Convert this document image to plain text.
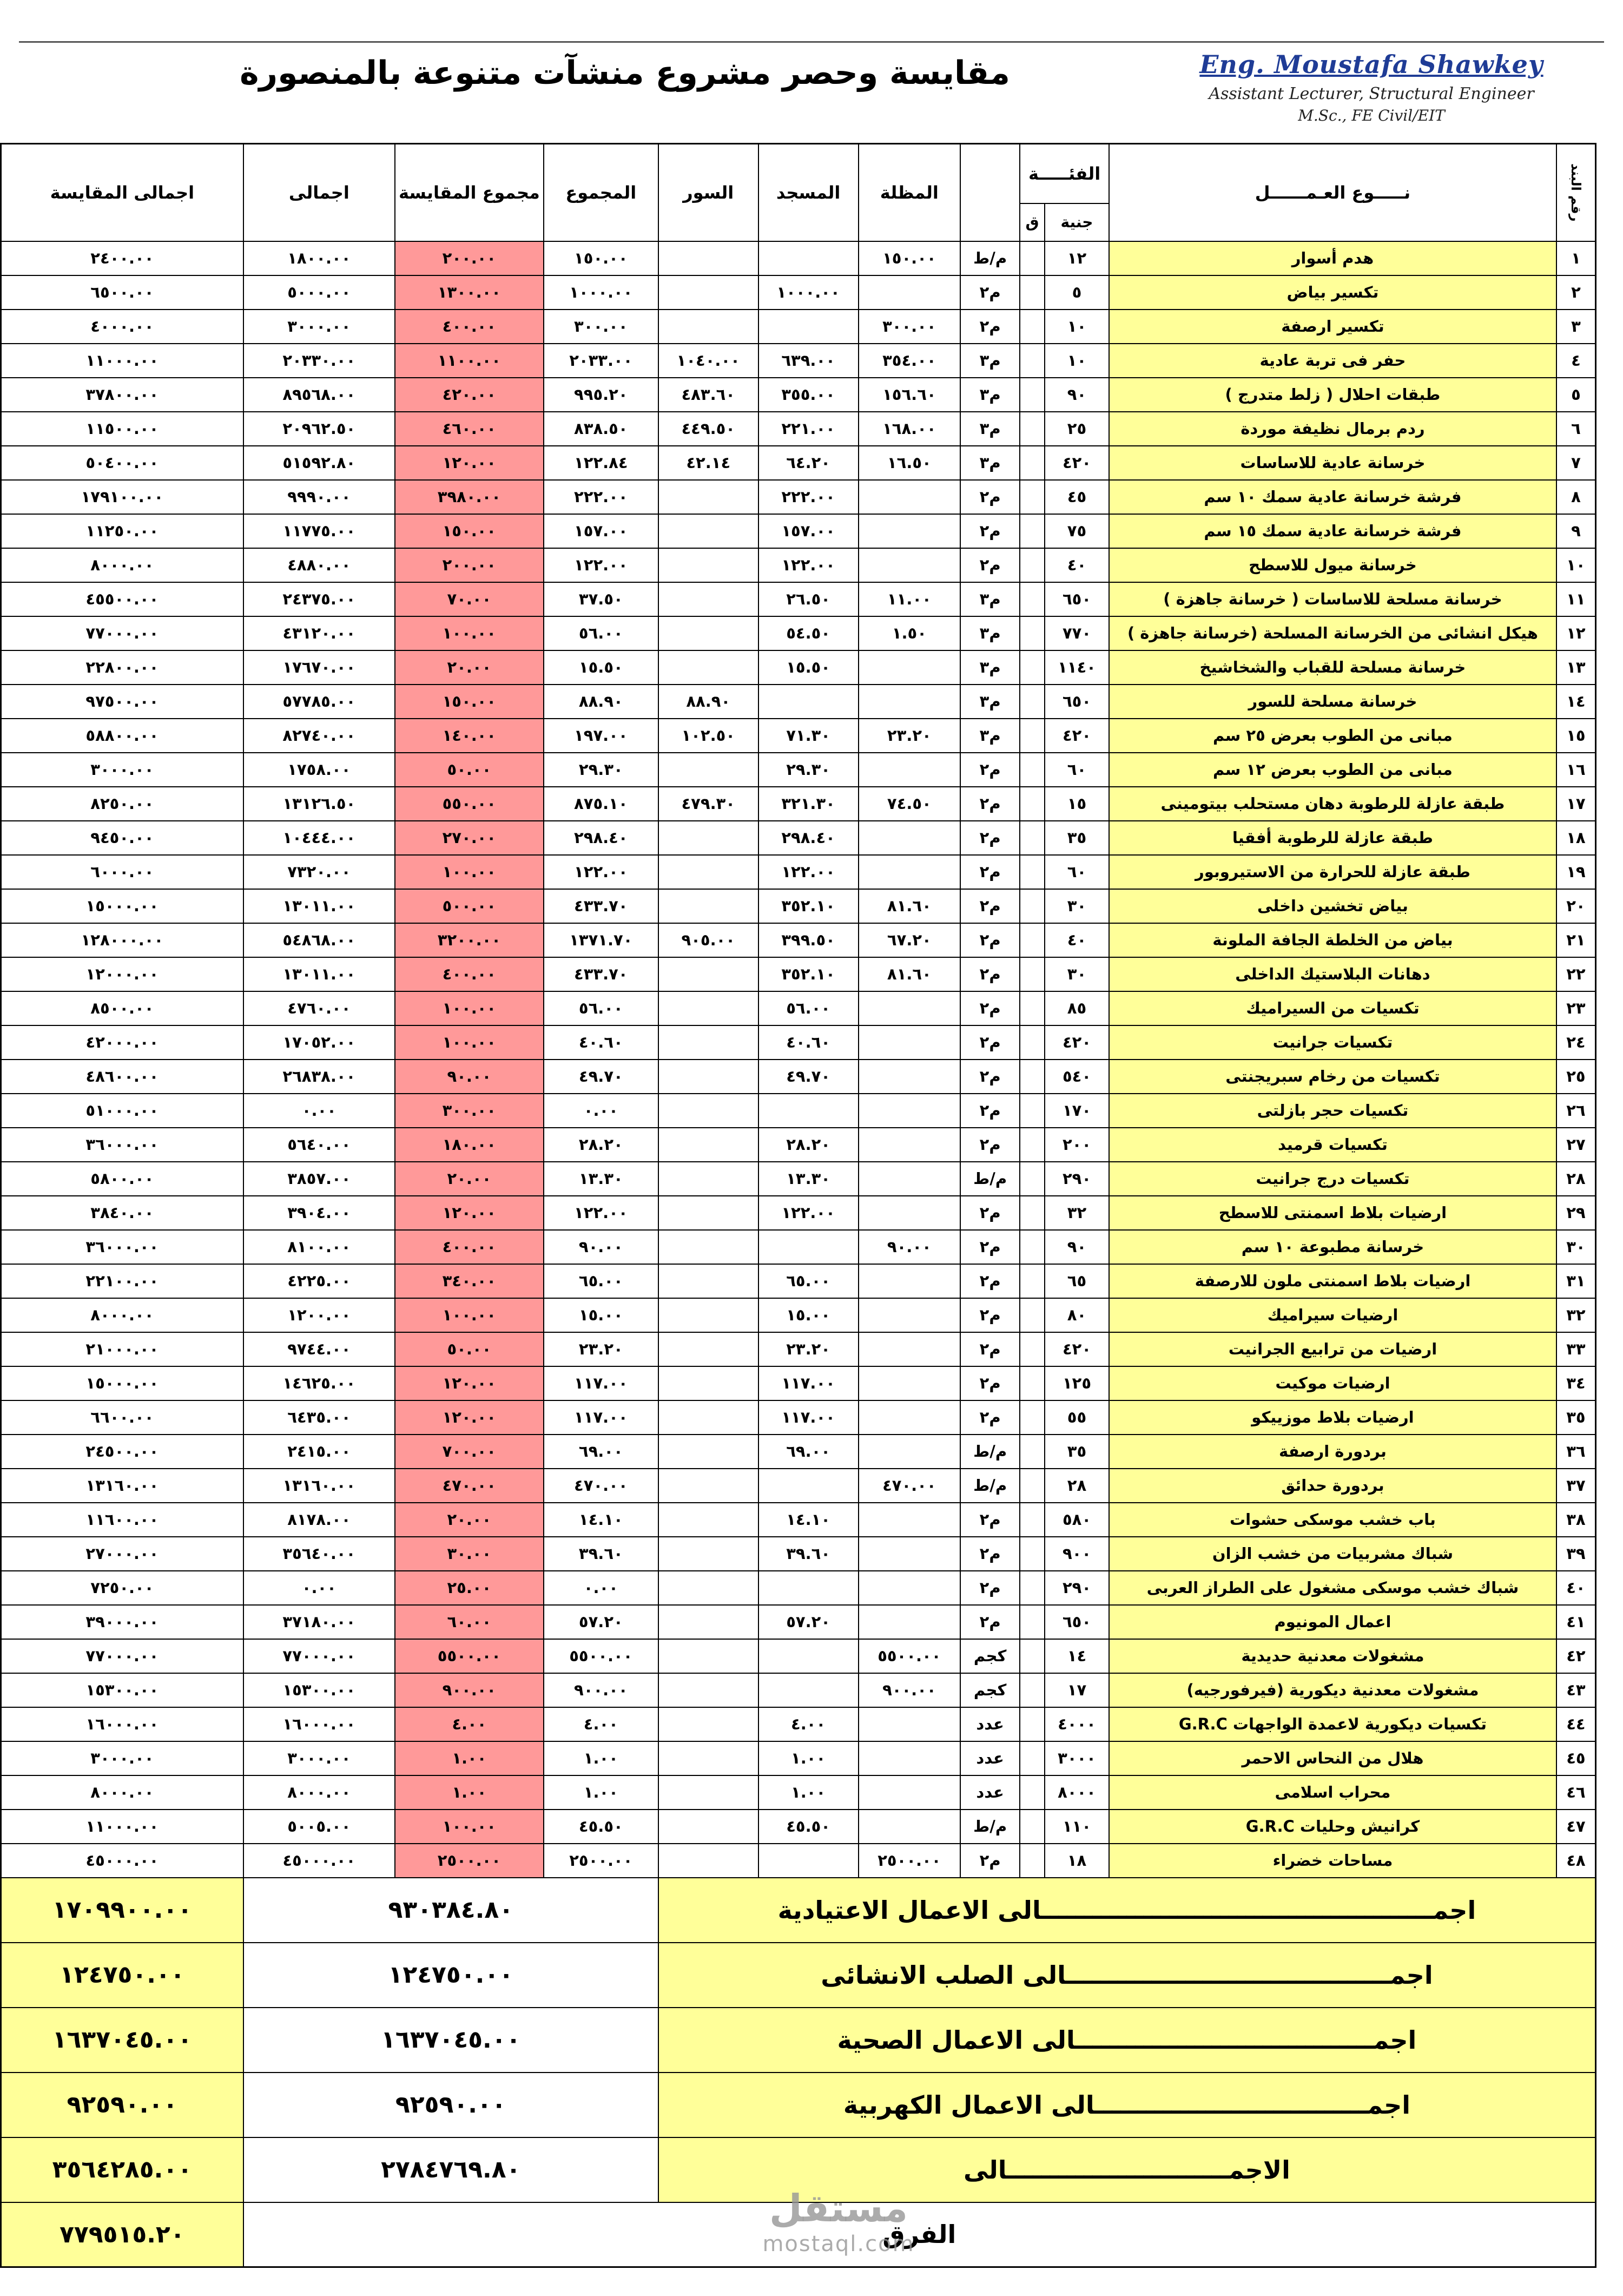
Eng. Moustafa Shawkey
Assistant Lecturer, Structural Engineer
M.Sc., FE Civil/EIT
مقايسة وحصر مشروع منشآت متنوعة بالمنصورة
رقم البند	نـــــوع العـمــــــل	الفئـــــة			المظلة	المسجد	السور	المجموع	مجموع المقايسة	اجمالى	اجمالى المقايسة
		جنية	ق								
١	هدم أسوار	١٢		م/ط	١٥٠.٠٠			١٥٠.٠٠	٢٠٠.٠٠	١٨٠٠.٠٠	٢٤٠٠.٠٠
٢	تكسير بياض	٥		م٢		١٠٠٠.٠٠		١٠٠٠.٠٠	١٣٠٠.٠٠	٥٠٠٠.٠٠	٦٥٠٠.٠٠
٣	تكسير ارصفة	١٠		م٢	٣٠٠.٠٠			٣٠٠.٠٠	٤٠٠.٠٠	٣٠٠٠.٠٠	٤٠٠٠.٠٠
٤	حفر فى تربة عادية	١٠		م٣	٣٥٤.٠٠	٦٣٩.٠٠	١٠٤٠.٠٠	٢٠٣٣.٠٠	١١٠٠.٠٠	٢٠٣٣٠.٠٠	١١٠٠٠.٠٠
٥	طبقات احلال ( زلط متدرج )	٩٠		م٣	١٥٦.٦٠	٣٥٥.٠٠	٤٨٣.٦٠	٩٩٥.٢٠	٤٢٠.٠٠	٨٩٥٦٨.٠٠	٣٧٨٠٠.٠٠
٦	ردم برمال نظيفة موردة	٢٥		م٣	١٦٨.٠٠	٢٢١.٠٠	٤٤٩.٥٠	٨٣٨.٥٠	٤٦٠.٠٠	٢٠٩٦٢.٥٠	١١٥٠٠.٠٠
٧	خرسانة عادية للاساسات	٤٢٠		م٣	١٦.٥٠	٦٤.٢٠	٤٢.١٤	١٢٢.٨٤	١٢٠.٠٠	٥١٥٩٢.٨٠	٥٠٤٠٠.٠٠
٨	فرشة خرسانة عادية سمك ١٠ سم	٤٥		م٢		٢٢٢.٠٠		٢٢٢.٠٠	٣٩٨٠.٠٠	٩٩٩٠.٠٠	١٧٩١٠٠.٠٠
٩	فرشة خرسانة عادية سمك ١٥ سم	٧٥		م٢		١٥٧.٠٠		١٥٧.٠٠	١٥٠.٠٠	١١٧٧٥.٠٠	١١٢٥٠.٠٠
١٠	خرسانة ميول للاسطح	٤٠		م٢		١٢٢.٠٠		١٢٢.٠٠	٢٠٠.٠٠	٤٨٨٠.٠٠	٨٠٠٠.٠٠
١١	خرسانة مسلحة للاساسات ( خرسانة جاهزة )	٦٥٠		م٣	١١.٠٠	٢٦.٥٠		٣٧.٥٠	٧٠.٠٠	٢٤٣٧٥.٠٠	٤٥٥٠٠.٠٠
١٢	هيكل انشائى من الخرسانة المسلحة (خرسانة جاهزة )	٧٧٠		م٣	١.٥٠	٥٤.٥٠		٥٦.٠٠	١٠٠.٠٠	٤٣١٢٠.٠٠	٧٧٠٠٠.٠٠
١٣	خرسانة مسلحة للقباب والشخاشيخ	١١٤٠		م٣		١٥.٥٠		١٥.٥٠	٢٠.٠٠	١٧٦٧٠.٠٠	٢٢٨٠٠.٠٠
١٤	خرسانة مسلحة للسور	٦٥٠		م٣			٨٨.٩٠	٨٨.٩٠	١٥٠.٠٠	٥٧٧٨٥.٠٠	٩٧٥٠٠.٠٠
١٥	مبانى من الطوب بعرض ٢٥ سم	٤٢٠		م٣	٢٣.٢٠	٧١.٣٠	١٠٢.٥٠	١٩٧.٠٠	١٤٠.٠٠	٨٢٧٤٠.٠٠	٥٨٨٠٠.٠٠
١٦	مبانى من الطوب بعرض ١٢ سم	٦٠		م٢		٢٩.٣٠		٢٩.٣٠	٥٠.٠٠	١٧٥٨.٠٠	٣٠٠٠.٠٠
١٧	طبقة عازلة للرطوبة دهان مستحلب بيتومينى	١٥		م٢	٧٤.٥٠	٣٢١.٣٠	٤٧٩.٣٠	٨٧٥.١٠	٥٥٠.٠٠	١٣١٢٦.٥٠	٨٢٥٠.٠٠
١٨	طبقة عازلة للرطوبة أفقيا	٣٥		م٢		٢٩٨.٤٠		٢٩٨.٤٠	٢٧٠.٠٠	١٠٤٤٤.٠٠	٩٤٥٠.٠٠
١٩	طبقة عازلة للحرارة من الاستيروبور	٦٠		م٢		١٢٢.٠٠		١٢٢.٠٠	١٠٠.٠٠	٧٣٢٠.٠٠	٦٠٠٠.٠٠
٢٠	بياض تخشين داخلى	٣٠		م٢	٨١.٦٠	٣٥٢.١٠		٤٣٣.٧٠	٥٠٠.٠٠	١٣٠١١.٠٠	١٥٠٠٠.٠٠
٢١	بياض من الخلطة الجافة الملونة	٤٠		م٢	٦٧.٢٠	٣٩٩.٥٠	٩٠٥.٠٠	١٣٧١.٧٠	٣٢٠٠.٠٠	٥٤٨٦٨.٠٠	١٢٨٠٠٠.٠٠
٢٢	دهانات البلاستيك الداخلى	٣٠		م٢	٨١.٦٠	٣٥٢.١٠		٤٣٣.٧٠	٤٠٠.٠٠	١٣٠١١.٠٠	١٢٠٠٠.٠٠
٢٣	تكسيات من السيراميك	٨٥		م٢		٥٦.٠٠		٥٦.٠٠	١٠٠.٠٠	٤٧٦٠.٠٠	٨٥٠٠.٠٠
٢٤	تكسيات جرانيت	٤٢٠		م٢		٤٠.٦٠		٤٠.٦٠	١٠٠.٠٠	١٧٠٥٢.٠٠	٤٢٠٠٠.٠٠
٢٥	تكسيات من رخام سبريجنتى	٥٤٠		م٢		٤٩.٧٠		٤٩.٧٠	٩٠.٠٠	٢٦٨٣٨.٠٠	٤٨٦٠٠.٠٠
٢٦	تكسيات حجر بازلتى	١٧٠		م٢				٠.٠٠	٣٠٠.٠٠	٠.٠٠	٥١٠٠٠.٠٠
٢٧	تكسيات قرميد	٢٠٠		م٢		٢٨.٢٠		٢٨.٢٠	١٨٠.٠٠	٥٦٤٠.٠٠	٣٦٠٠٠.٠٠
٢٨	تكسيات درج جرانيت	٢٩٠		م/ط		١٣.٣٠		١٣.٣٠	٢٠.٠٠	٣٨٥٧.٠٠	٥٨٠٠.٠٠
٢٩	ارضيات بلاط اسمنتى للاسطح	٣٢		م٢		١٢٢.٠٠		١٢٢.٠٠	١٢٠.٠٠	٣٩٠٤.٠٠	٣٨٤٠.٠٠
٣٠	خرسانة مطبوعة ١٠ سم	٩٠		م٢	٩٠.٠٠			٩٠.٠٠	٤٠٠.٠٠	٨١٠٠.٠٠	٣٦٠٠٠.٠٠
٣١	ارضيات بلاط اسمنتى ملون للارصفة	٦٥		م٢		٦٥.٠٠		٦٥.٠٠	٣٤٠.٠٠	٤٢٢٥.٠٠	٢٢١٠٠.٠٠
٣٢	ارضيات سيراميك	٨٠		م٢		١٥.٠٠		١٥.٠٠	١٠٠.٠٠	١٢٠٠.٠٠	٨٠٠٠.٠٠
٣٣	ارضيات من ترابيع الجرانيت	٤٢٠		م٢		٢٣.٢٠		٢٣.٢٠	٥٠.٠٠	٩٧٤٤.٠٠	٢١٠٠٠.٠٠
٣٤	ارضيات موكيت	١٢٥		م٢		١١٧.٠٠		١١٧.٠٠	١٢٠.٠٠	١٤٦٢٥.٠٠	١٥٠٠٠.٠٠
٣٥	ارضيات بلاط موزييكو	٥٥		م٢		١١٧.٠٠		١١٧.٠٠	١٢٠.٠٠	٦٤٣٥.٠٠	٦٦٠٠.٠٠
٣٦	بردورة ارصفة	٣٥		م/ط		٦٩.٠٠		٦٩.٠٠	٧٠٠.٠٠	٢٤١٥.٠٠	٢٤٥٠٠.٠٠
٣٧	بردورة حدائق	٢٨		م/ط	٤٧٠.٠٠			٤٧٠.٠٠	٤٧٠.٠٠	١٣١٦٠.٠٠	١٣١٦٠.٠٠
٣٨	باب خشب موسكى حشوات	٥٨٠		م٢		١٤.١٠		١٤.١٠	٢٠.٠٠	٨١٧٨.٠٠	١١٦٠٠.٠٠
٣٩	شباك مشربيات من خشب الزان	٩٠٠		م٢		٣٩.٦٠		٣٩.٦٠	٣٠.٠٠	٣٥٦٤٠.٠٠	٢٧٠٠٠.٠٠
٤٠	شباك خشب موسكى مشغول على الطراز العربى	٢٩٠		م٢				٠.٠٠	٢٥.٠٠	٠.٠٠	٧٢٥٠.٠٠
٤١	اعمال المونيوم	٦٥٠		م٢		٥٧.٢٠		٥٧.٢٠	٦٠.٠٠	٣٧١٨٠.٠٠	٣٩٠٠٠.٠٠
٤٢	مشغولات معدنية حديدية	١٤		كجم	٥٥٠٠.٠٠			٥٥٠٠.٠٠	٥٥٠٠.٠٠	٧٧٠٠٠.٠٠	٧٧٠٠٠.٠٠
٤٣	مشغولات معدنية ديكورية (فيرفورجيه)	١٧		كجم	٩٠٠.٠٠			٩٠٠.٠٠	٩٠٠.٠٠	١٥٣٠٠.٠٠	١٥٣٠٠.٠٠
٤٤	تكسيات ديكورية لاعمدة الواجهات G.R.C	٤٠٠٠		عدد		٤.٠٠		٤.٠٠	٤.٠٠	١٦٠٠٠.٠٠	١٦٠٠٠.٠٠
٤٥	هلال من النحاس الاحمر	٣٠٠٠		عدد		١.٠٠		١.٠٠	١.٠٠	٣٠٠٠.٠٠	٣٠٠٠.٠٠
٤٦	محراب اسلامى	٨٠٠٠		عدد		١.٠٠		١.٠٠	١.٠٠	٨٠٠٠.٠٠	٨٠٠٠.٠٠
٤٧	كرانيش وحليات G.R.C	١١٠		م/ط		٤٥.٥٠		٤٥.٥٠	١٠٠.٠٠	٥٠٠٥.٠٠	١١٠٠٠.٠٠
٤٨	مساحات خضراء	١٨		م٢	٢٥٠٠.٠٠			٢٥٠٠.٠٠	٢٥٠٠.٠٠	٤٥٠٠٠.٠٠	٤٥٠٠٠.٠٠
اجمــــــــــــــــــــــــــــــــــــــــــــــالى الاعمال الاعتيادية								٩٣٠٣٨٤.٨٠			١٧٠٩٩٠٠.٠٠
اجمــــــــــــــــــــــــــــــــــــــالى الصلب الانشائى								١٢٤٧٥٠.٠٠			١٢٤٧٥٠.٠٠
اجمـــــــــــــــــــــــــــــــــــالى الاعمال الصحية								١٦٣٧٠٤٥.٠٠			١٦٣٧٠٤٥.٠٠
اجمــــــــــــــــــــــــــــــــالى الاعمال الكهربية								٩٢٥٩٠.٠٠			٩٢٥٩٠.٠٠
الاجمــــــــــــــــــــــــــالى								٢٧٨٤٧٦٩.٨٠			٣٥٦٤٢٨٥.٠٠
الفرق											٧٧٩٥١٥.٢٠
مستقل
mostaql.com
